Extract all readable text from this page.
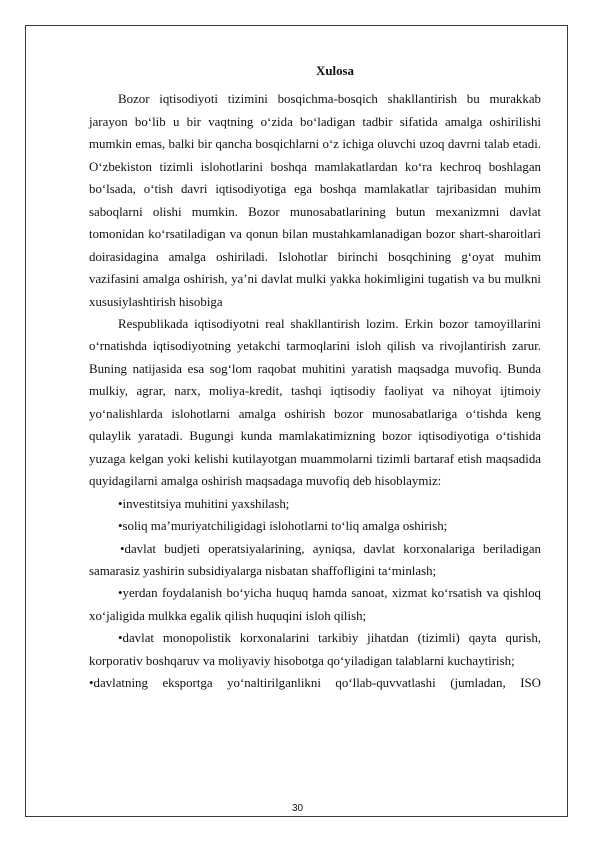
Xulosa

Bozor iqtisodiyoti tizimini bosqichma-bosqich shakllantirish bu murakkab jarayon bo‘lib u bir vaqtning o‘zida bo‘ladigan tadbir sifatida amalga oshirilishi mumkin emas, balki bir qancha bosqichlarni o‘z ichiga oluvchi uzoq davrni talab etadi. O‘zbekiston tizimli islohotlarini boshqa mamlakatlardan ko‘ra kechroq boshlagan bo‘lsada, o‘tish davri iqtisodiyotiga ega boshqa mamlakatlar tajribasidan muhim saboqlarni olishi mumkin. Bozor munosabatlarining butun mexanizmni davlat tomonidan ko‘rsatiladigan va qonun bilan mustahkamlanadigan bozor shart-sharoitlari doirasidagina amalga oshiriladi. Islohotlar birinchi bosqchining g‘oyat muhim vazifasini amalga oshirish, ya’ni davlat mulki yakka hokimligini tugatish va bu mulkni xususiylashtirish hisobiga

Respublikada iqtisodiyotni real shakllantirish lozim. Erkin bozor tamoyillarini o‘rnatishda iqtisodiyotning yetakchi tarmoqlarini isloh qilish va rivojlantirish zarur. Buning natijasida esa sog‘lom raqobat muhitini yaratish maqsadga muvofiq. Bunda mulkiy, agrar, narx, moliya-kredit, tashqi iqtisodiy faoliyat va nihoyat ijtimoiy yo‘nalishlarda islohotlarni amalga oshirish bozor munosabatlariga o‘tishda keng qulaylik yaratadi. Bugungi kunda mamlakatimizning bozor iqtisodiyotiga o‘tishida yuzaga kelgan yoki kelishi kutilayotgan muammolarni tizimli bartaraf etish maqsadida quyidagilarni amalga oshirish maqsadaga muvofiq deb hisoblaymiz:

•investitsiya muhitini yaxshilash;

•soliq ma’muriyatchiligidagi islohotlarni to‘liq amalga oshirish;

•davlat budjeti operatsiyalarining, ayniqsa, davlat korxonalariga beriladigan samarasiz yashirin subsidiyalarga nisbatan shaffofligini ta‘minlash;

•yerdan foydalanish bo‘yicha huquq hamda sanoat, xizmat ko‘rsatish va qishloq xo‘jaligida mulkka egalik qilish huquqini isloh qilish;

•davlat monopolistik korxonalarini tarkibiy jihatdan (tizimli) qayta qurish, korporativ boshqaruv va moliyaviy hisobotga qo‘yiladigan talablarni kuchaytirish;

•davlatning eksportga yo‘naltirilganlikni qo‘llab-quvvatlashi (jumladan, ISO

30
